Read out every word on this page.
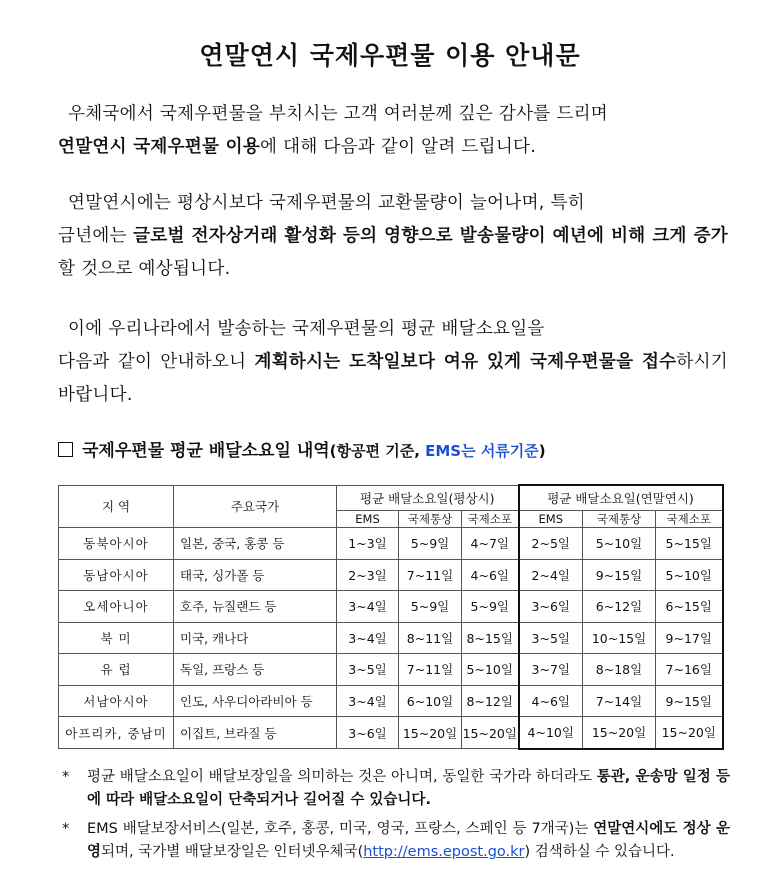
연말연시 국제우편물 이용 안내문

우체국에서 국제우편물을 부치시는 고객 여러분께 깊은 감사를 드리며

연말연시 국제우편물 이용에 대해 다음과 같이 알려 드립니다.

연말연시에는 평상시보다 국제우편물의 교환물량이 늘어나며, 특히

금년에는 글로벌 전자상거래 활성화 등의 영향으로 발송물량이 예년에 비해 크게 증가할 것으로 예상됩니다.

이에 우리나라에서 발송하는 국제우편물의 평균 배달소요일을

다음과 같이 안내하오니 계획하시는 도착일보다 여유 있게 국제우편물을 접수하시기 바랍니다.

국제우편물 평균 배달소요일 내역(항공편 기준, EMS는 서류기준)
지 역	주요국가	평균 배달소요일(평상시)			평균 배달소요일(연말연시)		
		EMS	국제통상	국제소포	EMS	국제통상	국제소포
동북아시아	일본, 중국, 홍콩 등	1~3일	5~9일	4~7일	2~5일	5~10일	5~15일
동남아시아	태국, 싱가폴 등	2~3일	7~11일	4~6일	2~4일	9~15일	5~10일
오세아니아	호주, 뉴질랜드 등	3~4일	5~9일	5~9일	3~6일	6~12일	6~15일
북 미	미국, 캐나다	3~4일	8~11일	8~15일	3~5일	10~15일	9~17일
유 럽	독일, 프랑스 등	3~5일	7~11일	5~10일	3~7일	8~18일	7~16일
서남아시아	인도, 사우디아라비아 등	3~4일	6~10일	8~12일	4~6일	7~14일	9~15일
아프리카, 중남미	이집트, 브라질 등	3~6일	15~20일	15~20일	4~10일	15~20일	15~20일
*	평균 배달소요일이 배달보장일을 의미하는 것은 아니며, 동일한 국가라 하더라도 통관, 운송망 일정 등에 따라 배달소요일이 단축되거나 길어질 수 있습니다.
*	EMS 배달보장서비스(일본, 호주, 홍콩, 미국, 영국, 프랑스, 스페인 등 7개국)는 연말연시에도 정상 운영되며, 국가별 배달보장일은 인터넷우체국(http://ems.epost.go.kr) 검색하실 수 있습니다.
